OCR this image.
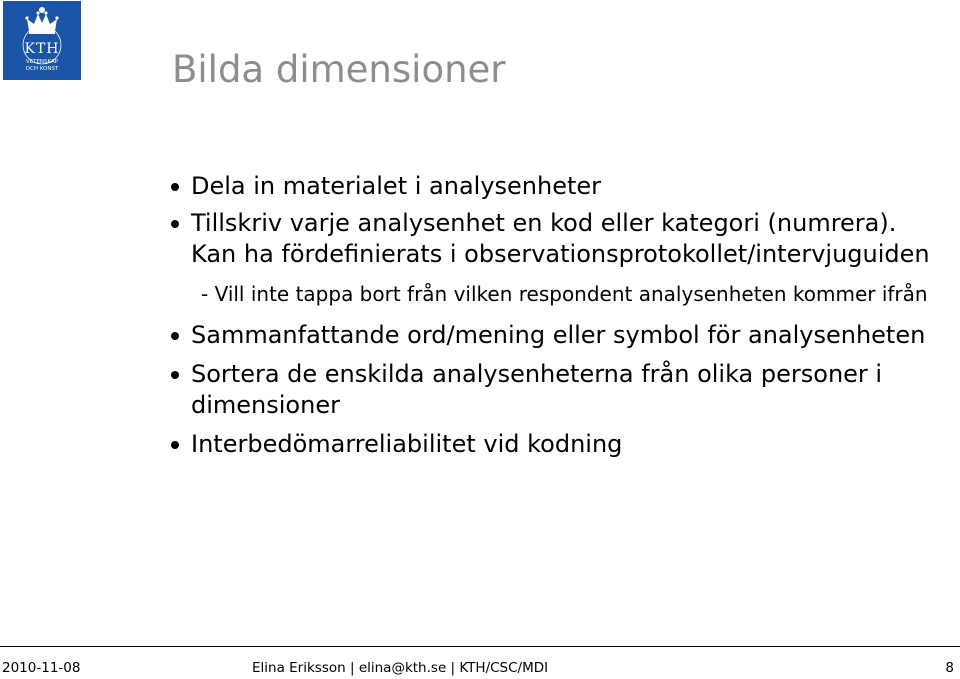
KTH
VETENSKAP
OCH KONST	Bilda dimensioner
Dela in materialet i analysenheter
Tillskriv varje analysenhet en kod eller kategori (numrera). Kan ha fördefinierats i observationsprotokollet/intervjuguiden
- Vill inte tappa bort från vilken respondent analysenheten kommer ifrån
Sammanfattande ord/mening eller symbol för analysenheten
Sortera de enskilda analysenheterna från olika personer i dimensioner
Interbedömarreliabilitet vid kodning
2010-11-08	Elina Eriksson | elina@kth.se | KTH/CSC/MDI	8
